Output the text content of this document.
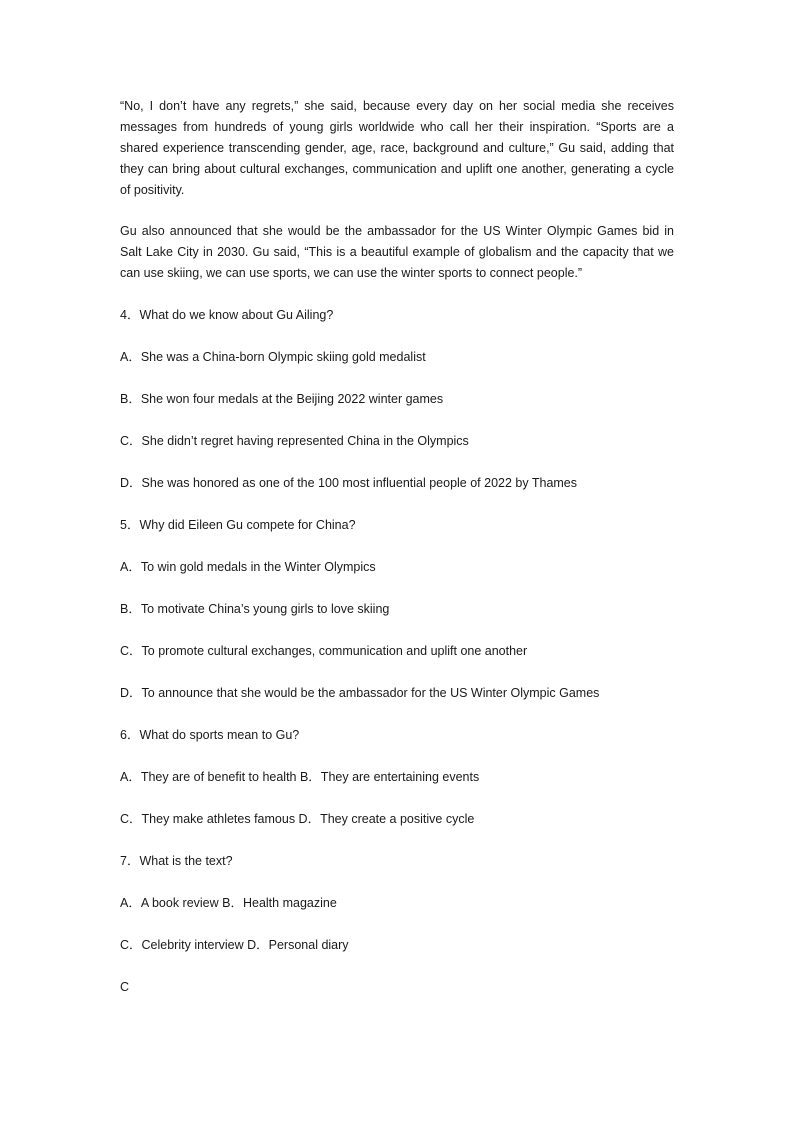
“No, I don’t have any regrets,” she said, because every day on her social media she receives
messages from hundreds of young girls worldwide who call her their inspiration. “Sports are a
shared experience transcending gender, age, race, background and culture,” Gu said, adding that
they can bring about cultural exchanges, communication and uplift one another, generating a cycle
of positivity.
Gu also announced that she would be the ambassador for the US Winter Olympic Games bid in
Salt Lake City in 2030. Gu said, “This is a beautiful example of globalism and the capacity that we
can use skiing, we can use sports, we can use the winter sports to connect people.”
4．What do we know about Gu Ailing?
A．She was a China-born Olympic skiing gold medalist
B．She won four medals at the Beijing 2022 winter games
C．She didn’t regret having represented China in the Olympics
D．She was honored as one of the 100 most influential people of 2022 by Thames
5．Why did Eileen Gu compete for China?
A．To win gold medals in the Winter Olympics
B．To motivate China’s young girls to love skiing
C．To promote cultural exchanges, communication and uplift one another
D．To announce that she would be the ambassador for the US Winter Olympic Games
6．What do sports mean to Gu?
A．They are of benefit to health B．They are entertaining events
C．They make athletes famous D．They create a positive cycle
7．What is the text?
A．A book review B．Health magazine
C．Celebrity interview D．Personal diary
C
